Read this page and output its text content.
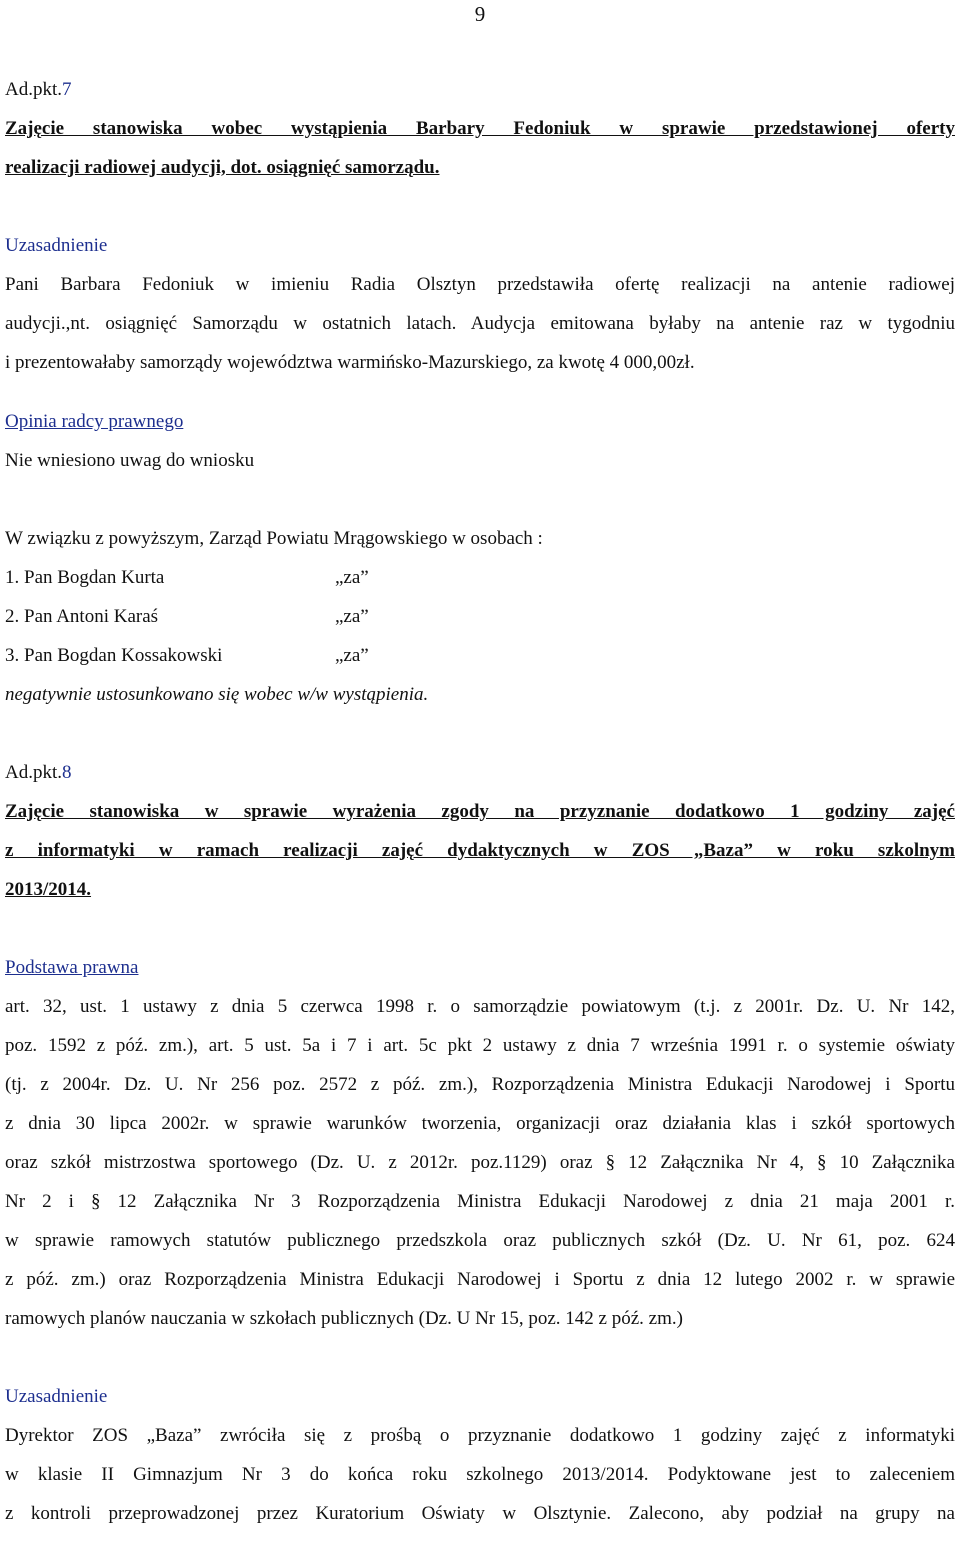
9

Ad.pkt.7

Zajęcie stanowiska wobec wystąpienia Barbary Fedoniuk w sprawie przedstawionej oferty

realizacji radiowej audycji, dot. osiągnięć samorządu.

Uzasadnienie

Pani Barbara Fedoniuk w imieniu Radia Olsztyn przedstawiła ofertę realizacji na antenie radiowej

audycji.,nt. osiągnięć Samorządu w ostatnich latach. Audycja emitowana byłaby na antenie raz w tygodniu

i prezentowałaby samorządy województwa warmińsko-Mazurskiego, za kwotę 4 000,00zł.

Opinia radcy prawnego

Nie wniesiono uwag do wniosku

W związku z powyższym, Zarząd Powiatu Mrągowskiego w osobach :

1. Pan Bogdan Kurta	„za”
2. Pan Antoni Karaś	„za”
3. Pan Bogdan Kossakowski	„za”

negatywnie ustosunkowano się wobec w/w wystąpienia.

Ad.pkt.8

Zajęcie stanowiska w sprawie wyrażenia zgody na przyznanie dodatkowo 1 godziny zajęć

z informatyki w ramach realizacji zajęć dydaktycznych w ZOS „Baza” w roku szkolnym

2013/2014.

Podstawa prawna

art. 32, ust. 1 ustawy z dnia 5 czerwca 1998 r. o samorządzie powiatowym (t.j. z 2001r. Dz. U. Nr 142,

poz. 1592 z póź. zm.), art. 5 ust. 5a i 7 i art. 5c pkt 2 ustawy z dnia 7 września 1991 r. o systemie oświaty

(tj. z 2004r. Dz. U. Nr 256 poz. 2572 z póź. zm.), Rozporządzenia Ministra Edukacji Narodowej i Sportu

z dnia 30 lipca 2002r. w sprawie warunków tworzenia, organizacji oraz działania klas i szkół sportowych

oraz szkół mistrzostwa sportowego (Dz. U. z 2012r. poz.1129) oraz § 12 Załącznika Nr 4, § 10 Załącznika

Nr 2 i § 12 Załącznika Nr 3 Rozporządzenia Ministra Edukacji Narodowej z dnia 21 maja 2001 r.

w sprawie ramowych statutów publicznego przedszkola oraz publicznych szkół (Dz. U. Nr 61, poz. 624

z póź. zm.) oraz Rozporządzenia Ministra Edukacji Narodowej i Sportu z dnia 12 lutego 2002 r. w sprawie

ramowych planów nauczania w szkołach publicznych (Dz. U Nr 15, poz. 142 z póź. zm.)

Uzasadnienie

Dyrektor ZOS „Baza” zwróciła się z prośbą o przyznanie dodatkowo 1 godziny zajęć z informatyki

w klasie II Gimnazjum Nr 3 do końca roku szkolnego 2013/2014. Podyktowane jest to zaleceniem

z kontroli przeprowadzonej przez Kuratorium Oświaty w Olsztynie. Zalecono, aby podział na grupy na
